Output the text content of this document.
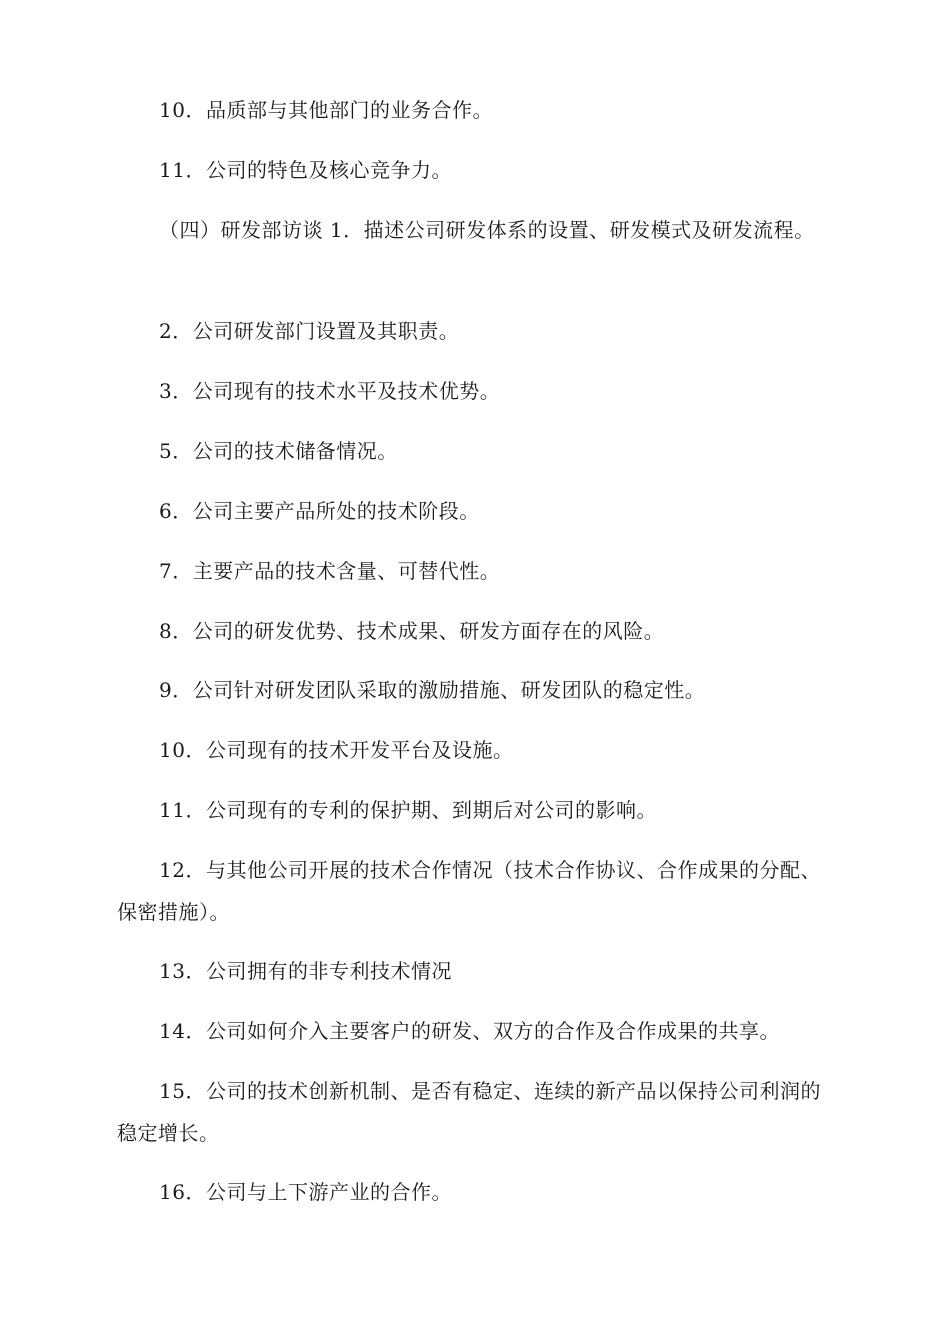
10．品质部与其他部门的业务合作。

11．公司的特色及核心竞争力。

（四）研发部访谈 1．描述公司研发体系的设置、研发模式及研发流程。

2．公司研发部门设置及其职责。

3．公司现有的技术水平及技术优势。

5．公司的技术储备情况。

6．公司主要产品所处的技术阶段。

7．主要产品的技术含量、可替代性。

8．公司的研发优势、技术成果、研发方面存在的风险。

9．公司针对研发团队采取的激励措施、研发团队的稳定性。

10．公司现有的技术开发平台及设施。

11．公司现有的专利的保护期、到期后对公司的影响。

12．与其他公司开展的技术合作情况（技术合作协议、合作成果的分配、保密措施）。

13．公司拥有的非专利技术情况

14．公司如何介入主要客户的研发、双方的合作及合作成果的共享。

15．公司的技术创新机制、是否有稳定、连续的新产品以保持公司利润的稳定增长。

16．公司与上下游产业的合作。
